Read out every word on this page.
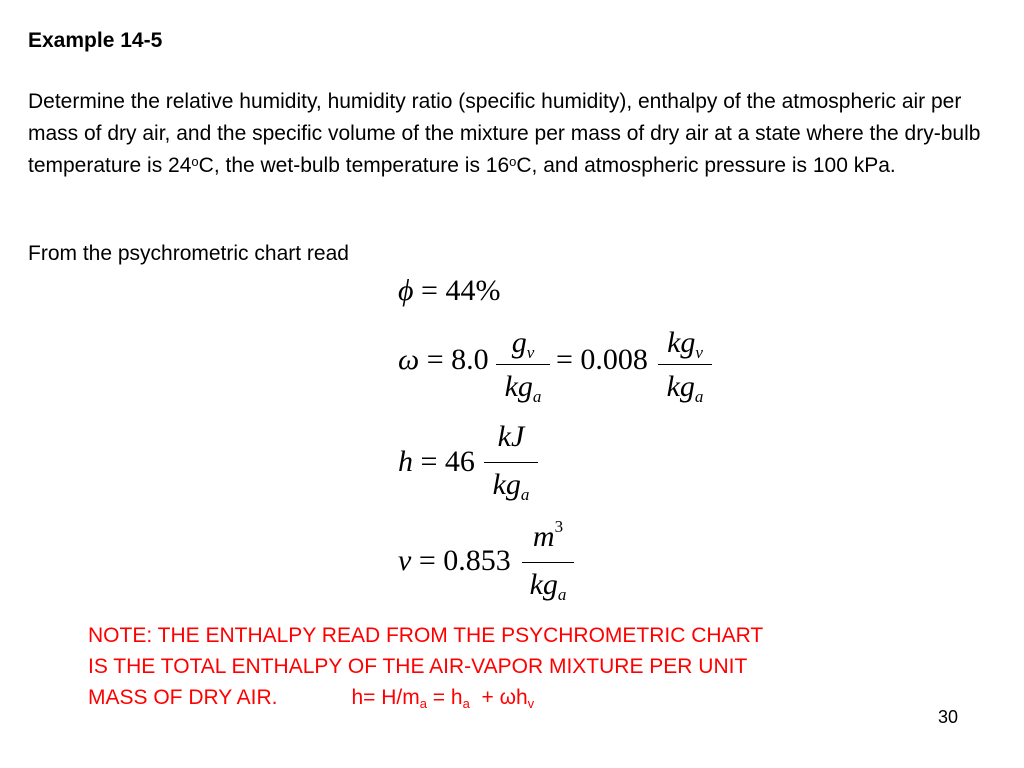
Example 14-5
Determine the relative humidity, humidity ratio (specific humidity), enthalpy of the atmospheric air per mass of dry air, and the specific volume of the mixture per mass of dry air at a state where the dry-bulb temperature is 24$^o$C, the wet-bulb temperature is 16$^o$C, and atmospheric pressure is 100 kPa.
From the psychrometric chart read
ϕ = 44%
ω = 8.0
$g_v$
$kg_a$
= 0.008
$kg_v$
$kg_a$
h = 46
kJ
$kg_a$
v = 0.853
$m^3$
$kg_a$
NOTE: THE ENTHALPY READ FROM THE PSYCHROMETRIC CHART
IS THE TOTAL ENTHALPY OF THE AIR-VAPOR MIXTURE PER UNIT
MASS OF DRY AIR.	$h= H/m_a = h_a + \omega h_v$
30
